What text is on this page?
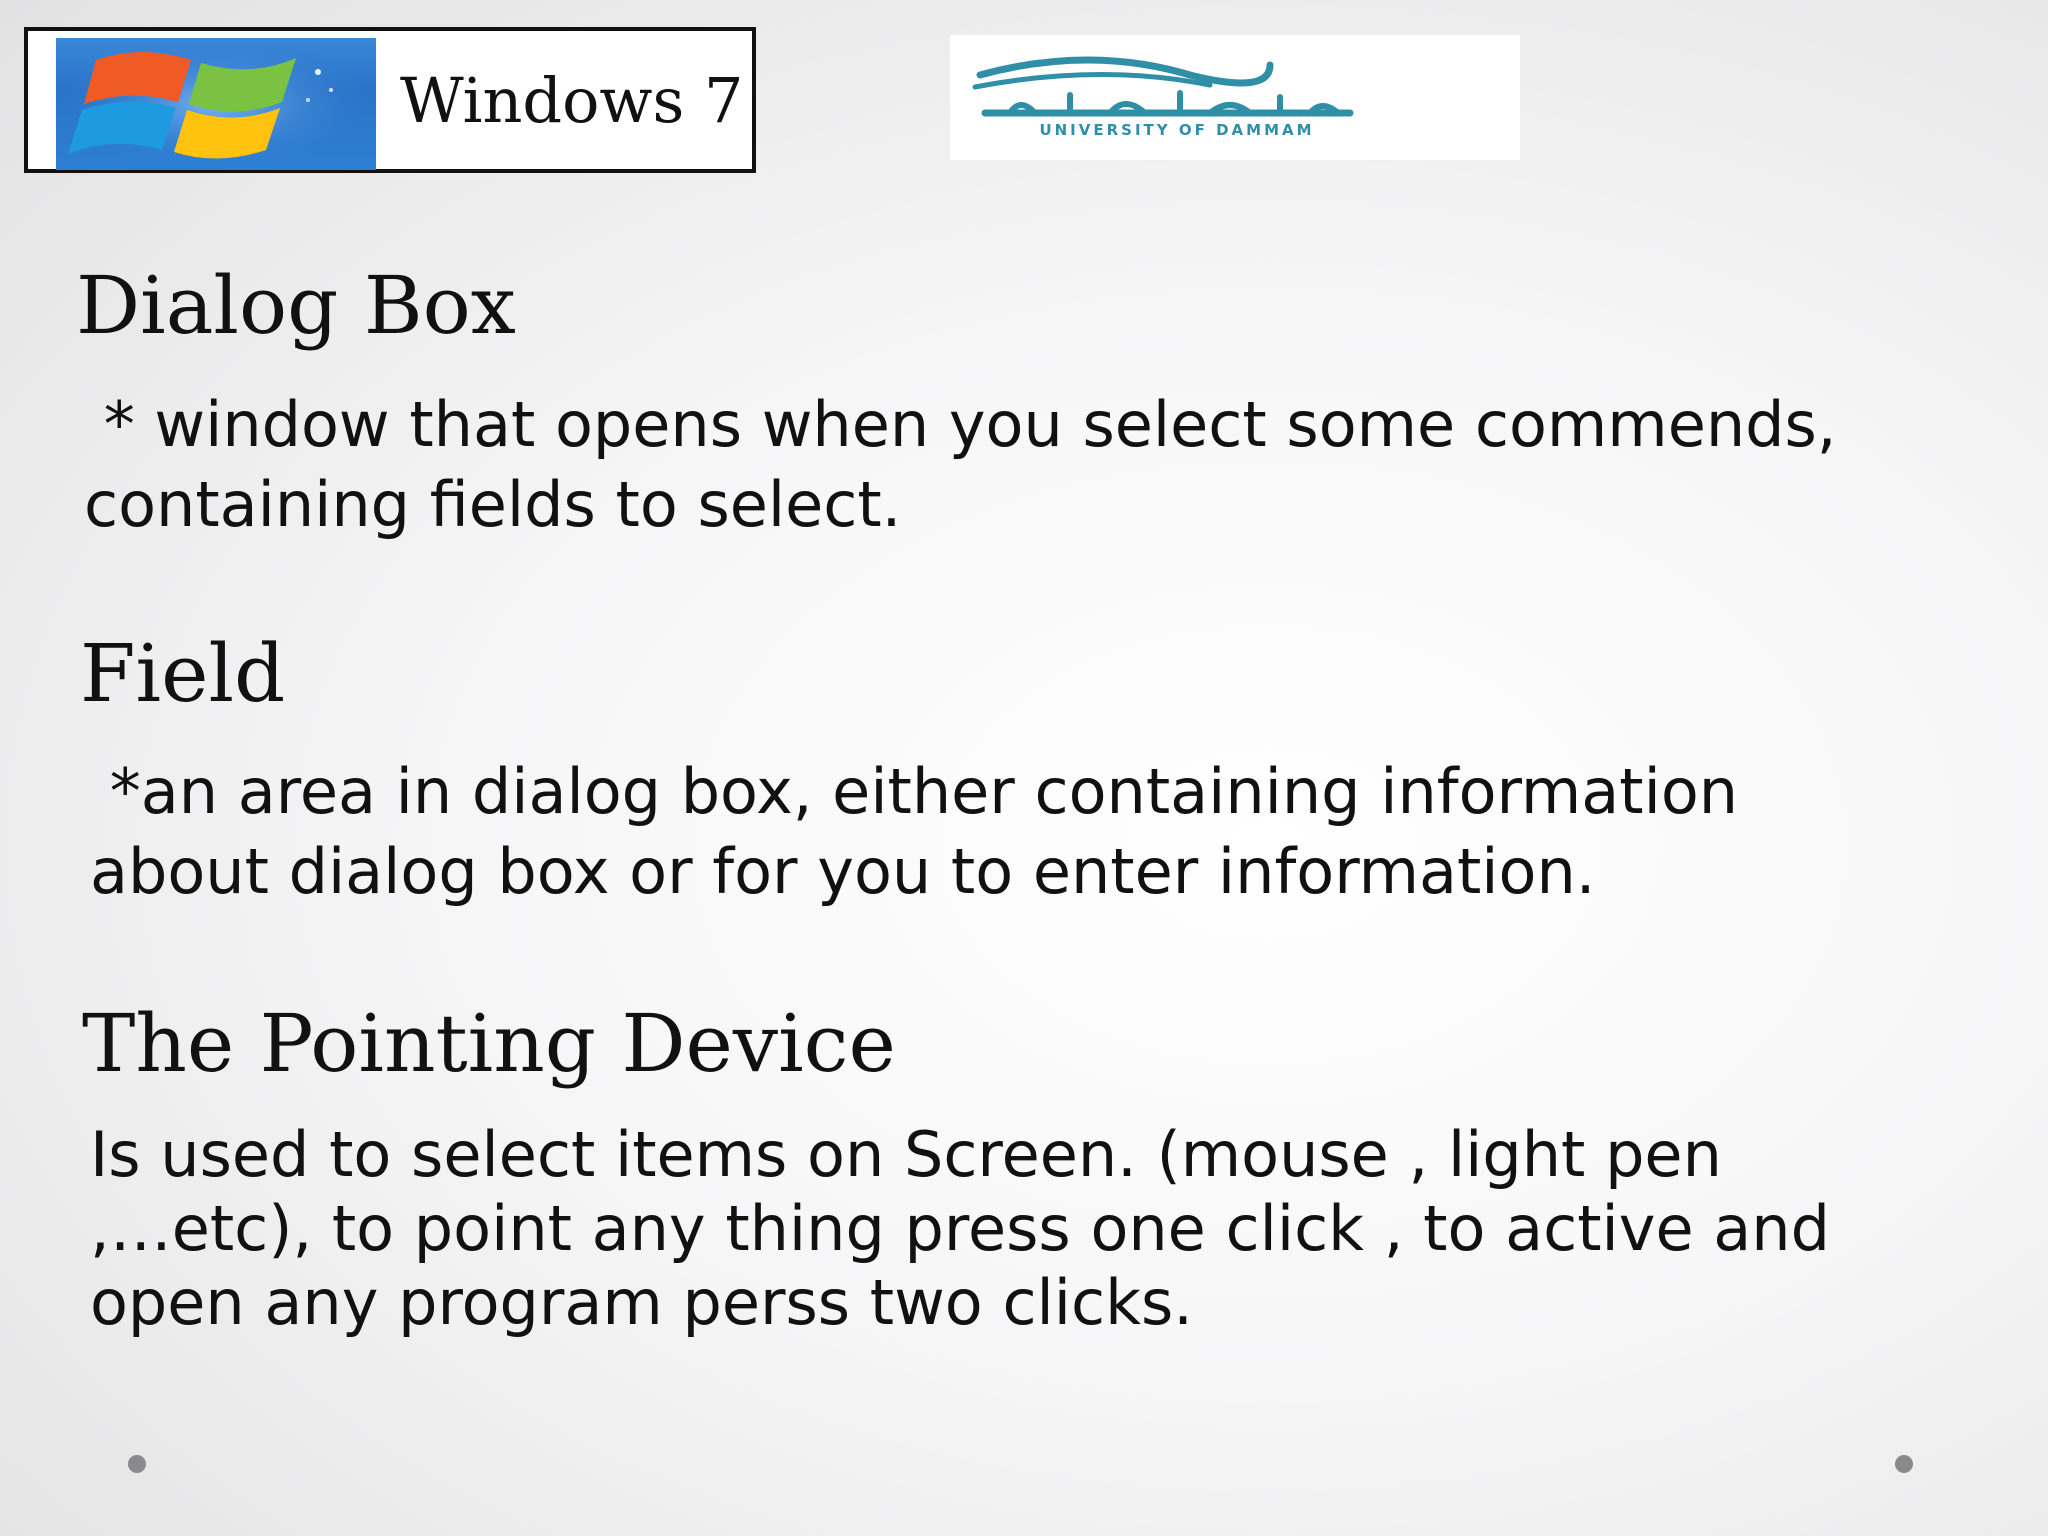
Windows 7	UNIVERSITY OF DAMMAM
Dialog Box
* window that opens when you select some commends,
containing fields to select.
Field
*an area in dialog box, either containing information
about dialog box or for you to enter information.
The Pointing Device
Is used to select items on Screen. (mouse , light pen
,…etc), to point any thing press one click , to active and
open any program perss two clicks.
